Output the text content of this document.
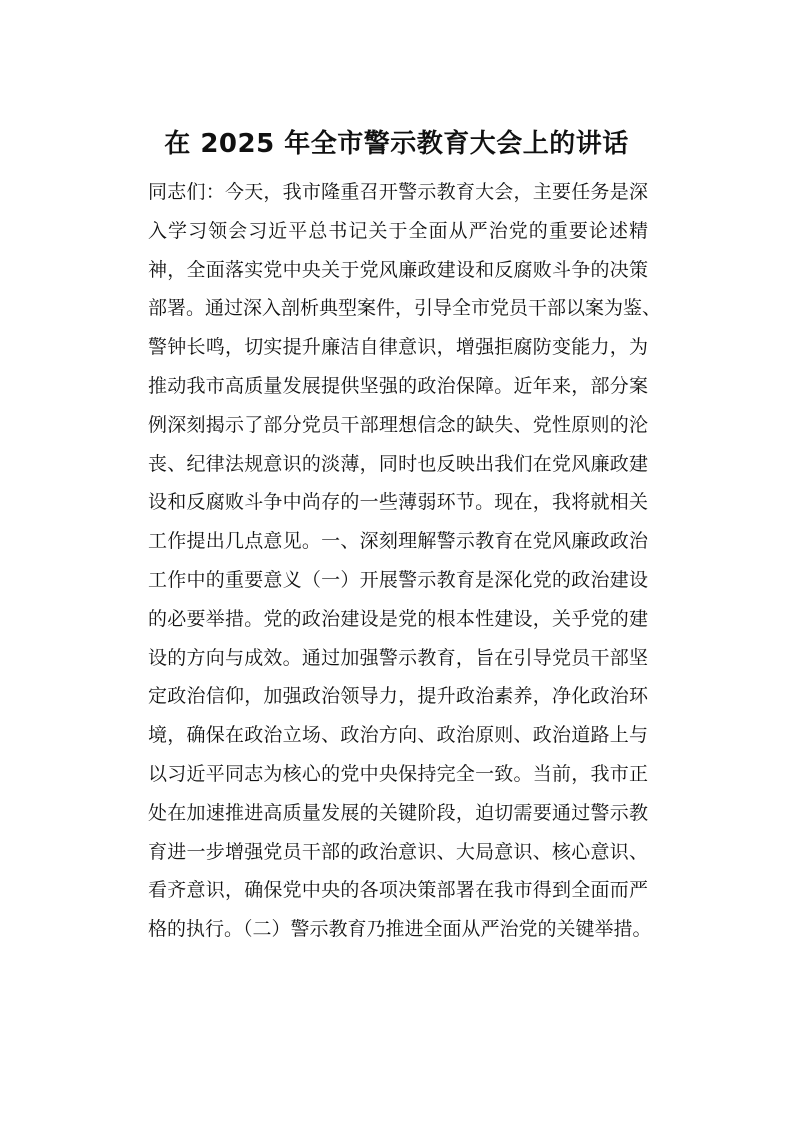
在 2025 年全市警示教育大会上的讲话
同志们：今天，我市隆重召开警示教育大会，主要任务是深
入学习领会习近平总书记关于全面从严治党的重要论述精
神，全面落实党中央关于党风廉政建设和反腐败斗争的决策
部署。通过深入剖析典型案件，引导全市党员干部以案为鉴、
警钟长鸣，切实提升廉洁自律意识，增强拒腐防变能力，为
推动我市高质量发展提供坚强的政治保障。近年来，部分案
例深刻揭示了部分党员干部理想信念的缺失、党性原则的沦
丧、纪律法规意识的淡薄，同时也反映出我们在党风廉政建
设和反腐败斗争中尚存的一些薄弱环节。现在，我将就相关
工作提出几点意见。一、深刻理解警示教育在党风廉政政治
工作中的重要意义（一）开展警示教育是深化党的政治建设
的必要举措。党的政治建设是党的根本性建设，关乎党的建
设的方向与成效。通过加强警示教育，旨在引导党员干部坚
定政治信仰，加强政治领导力，提升政治素养，净化政治环
境，确保在政治立场、政治方向、政治原则、政治道路上与
以习近平同志为核心的党中央保持完全一致。当前，我市正
处在加速推进高质量发展的关键阶段，迫切需要通过警示教
育进一步增强党员干部的政治意识、大局意识、核心意识、
看齐意识，确保党中央的各项决策部署在我市得到全面而严
格的执行。（二）警示教育乃推进全面从严治党的关键举措。
